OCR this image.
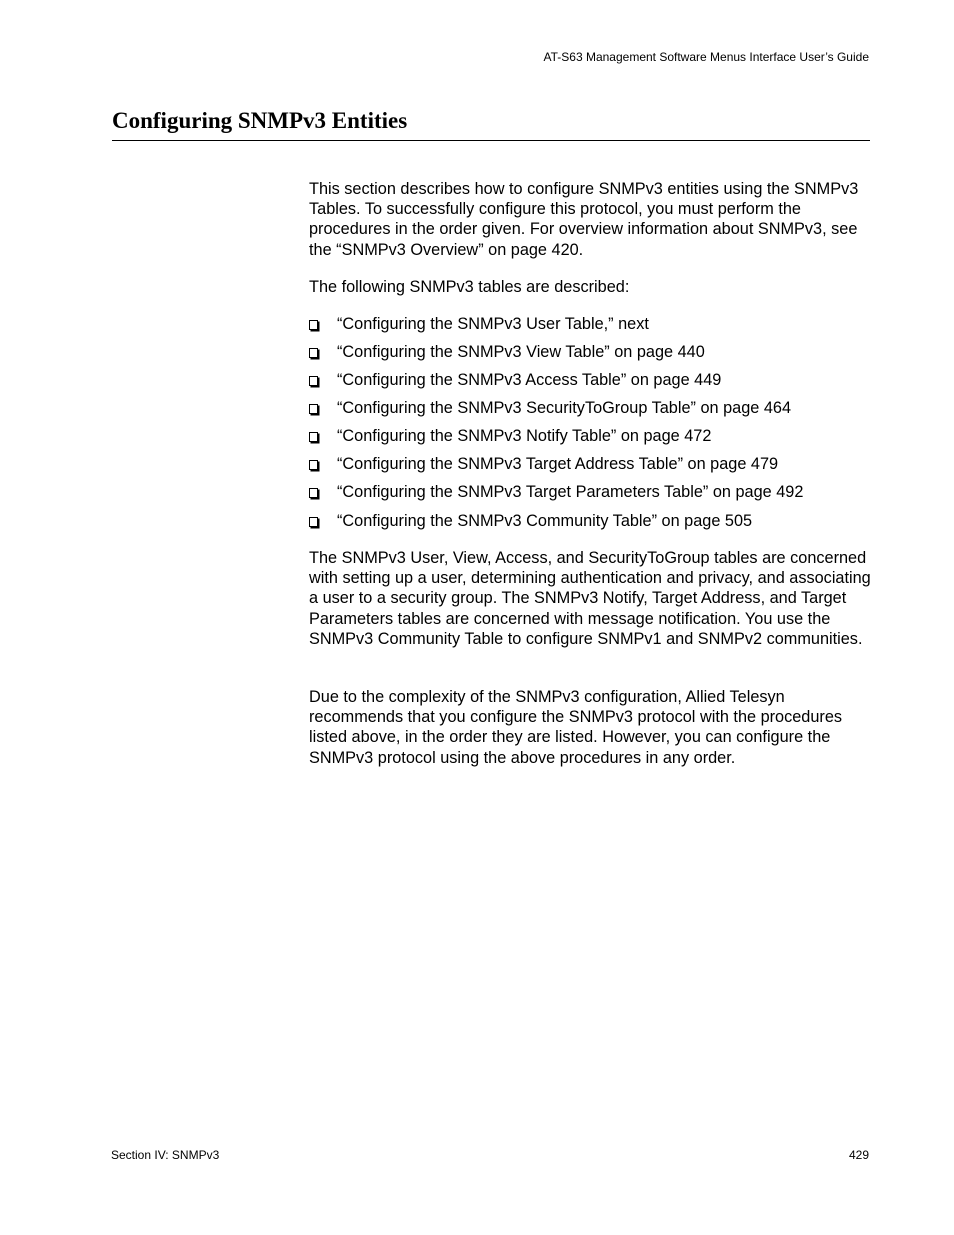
AT-S63 Management Software Menus Interface User’s Guide
Configuring SNMPv3 Entities

This section describes how to configure SNMPv3 entities using the SNMPv3 Tables. To successfully configure this protocol, you must perform the procedures in the order given. For overview information about SNMPv3, see the “SNMPv3 Overview” on page 420.

The following SNMPv3 tables are described:

“Configuring the SNMPv3 User Table,” next
“Configuring the SNMPv3 View Table” on page 440
“Configuring the SNMPv3 Access Table” on page 449
“Configuring the SNMPv3 SecurityToGroup Table” on page 464
“Configuring the SNMPv3 Notify Table” on page 472
“Configuring the SNMPv3 Target Address Table” on page 479
“Configuring the SNMPv3 Target Parameters Table” on page 492
“Configuring the SNMPv3 Community Table” on page 505

The SNMPv3 User, View, Access, and SecurityToGroup tables are concerned with setting up a user, determining authentication and privacy, and associating a user to a security group. The SNMPv3 Notify, Target Address, and Target Parameters tables are concerned with message notification. You use the SNMPv3 Community Table to configure SNMPv1 and SNMPv2 communities.

Due to the complexity of the SNMPv3 configuration, Allied Telesyn recommends that you configure the SNMPv3 protocol with the procedures listed above, in the order they are listed. However, you can configure the SNMPv3 protocol using the above procedures in any order.

Section IV: SNMPv3	429
